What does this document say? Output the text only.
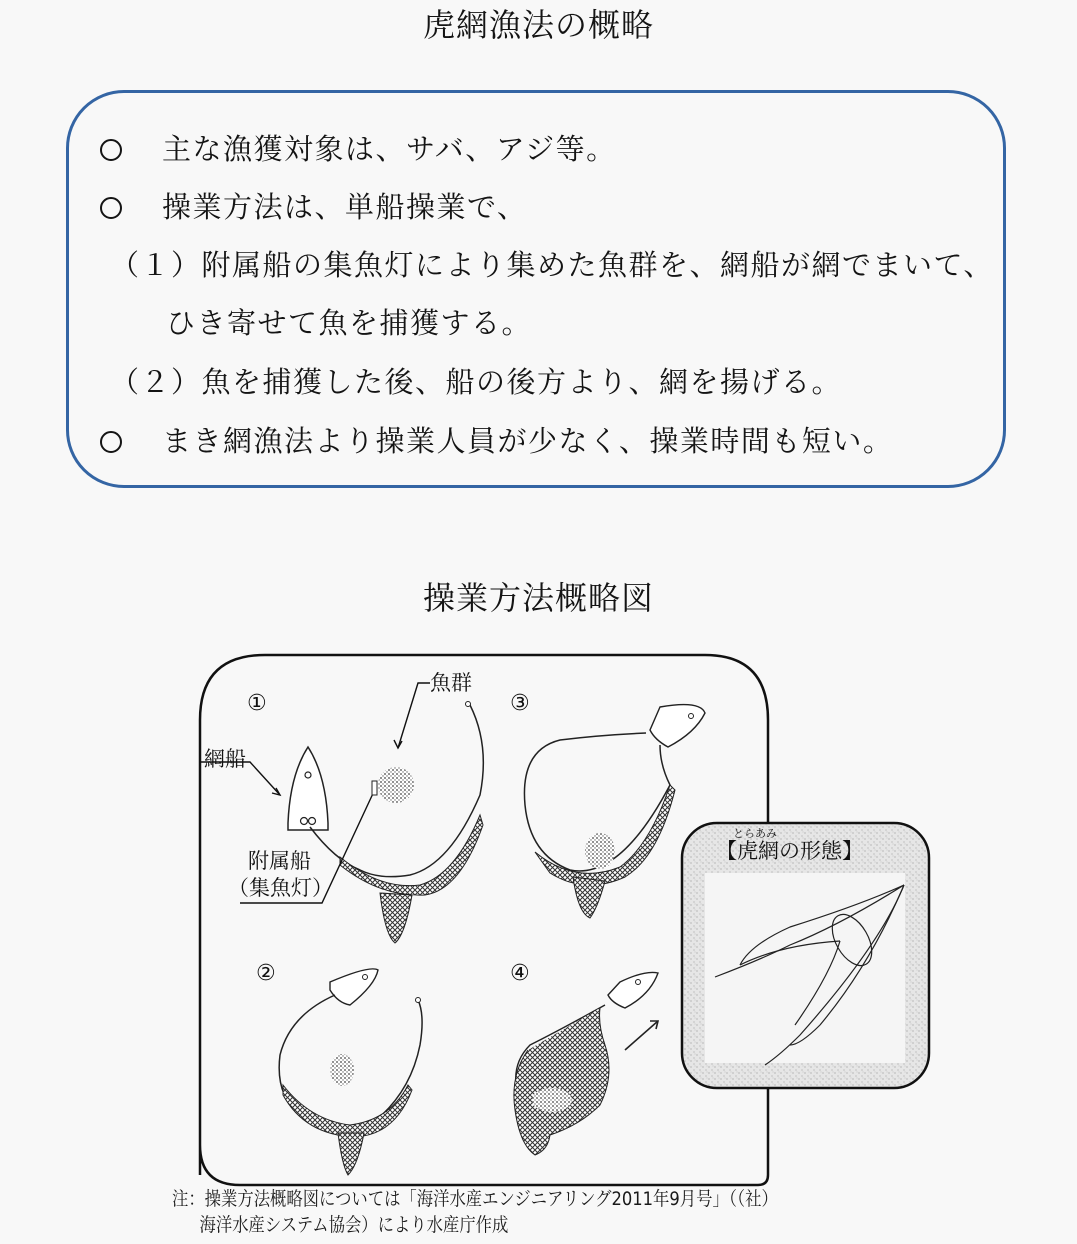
虎網漁法の概略
主な漁獲対象は、サバ、アジ等。
操業方法は、単船操業で、
（１）附属船の集魚灯により集めた魚群を、網船が網でまいて、
ひき寄せて魚を捕獲する。
（２）魚を捕獲した後、船の後方より、網を揚げる。
まき網漁法より操業人員が少なく、操業時間も短い。
操業方法概略図
①	③
②	④
魚群
網船
附属船
（集魚灯）
とらあみ
【虎網の形態】
注：操業方法概略図については「海洋水産エンジニアリング2011年9月号」（（社）
海洋水産システム協会）により水産庁作成
